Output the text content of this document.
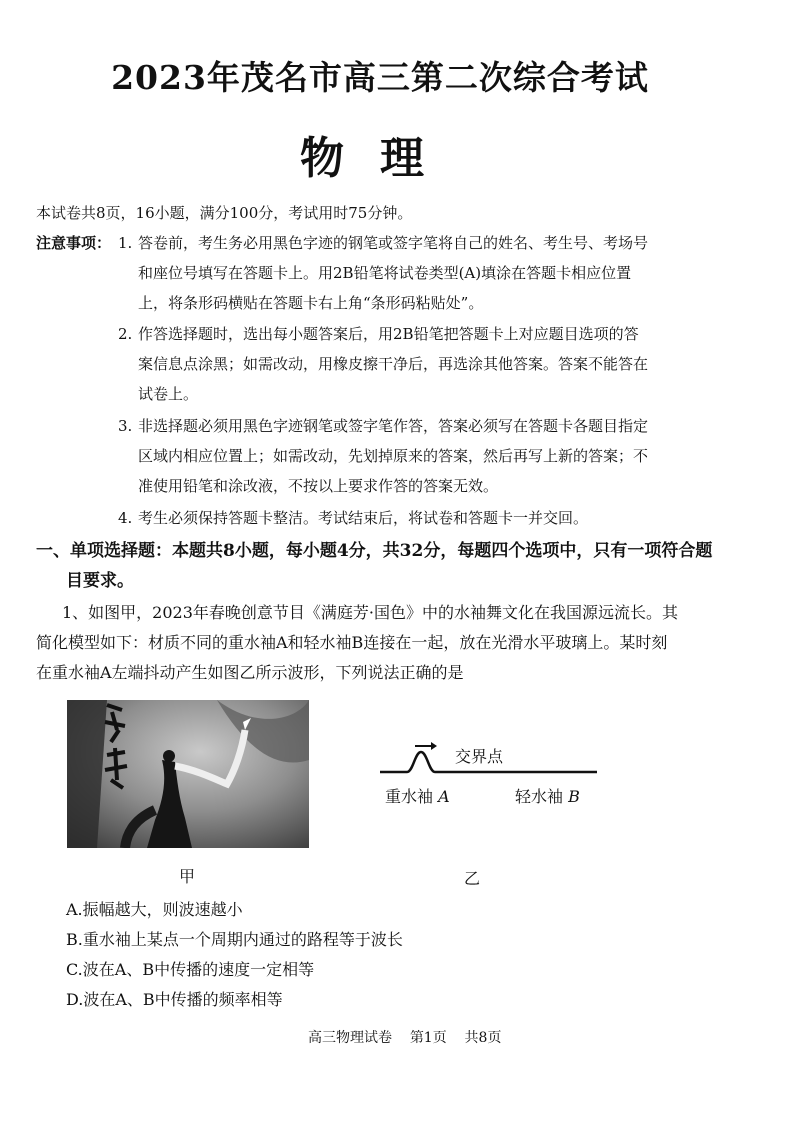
2023年茂名市高三第二次综合考试
物理
本试卷共8页，16小题，满分100分，考试用时75分钟。
注意事项： 1. 答卷前，考生务必用黑色字迹的钢笔或签字笔将自己的姓名、考生号、考场号
和座位号填写在答题卡上。用2B铅笔将试卷类型(A)填涂在答题卡相应位置
上，将条形码横贴在答题卡右上角“条形码粘贴处”。
2. 作答选择题时，选出每小题答案后，用2B铅笔把答题卡上对应题目选项的答
案信息点涂黑；如需改动，用橡皮擦干净后，再选涂其他答案。答案不能答在
试卷上。
3. 非选择题必须用黑色字迹钢笔或签字笔作答，答案必须写在答题卡各题目指定
区域内相应位置上；如需改动，先划掉原来的答案，然后再写上新的答案；不
准使用铅笔和涂改液，不按以上要求作答的答案无效。
4. 考生必须保持答题卡整洁。考试结束后，将试卷和答题卡一并交回。
一、单项选择题：本题共8小题，每小题4分，共32分，每题四个选项中，只有一项符合题
目要求。
1、如图甲，2023年春晚创意节目《满庭芳·国色》中的水袖舞文化在我国源远流长。其
简化模型如下：材质不同的重水袖A和轻水袖B连接在一起，放在光滑水平玻璃上。某时刻
在重水袖A左端抖动产生如图乙所示波形，下列说法正确的是
甲
交界点
重水袖 A	轻水袖 B
乙
A.振幅越大，则波速越小
B.重水袖上某点一个周期内通过的路程等于波长
C.波在A、B中传播的速度一定相等
D.波在A、B中传播的频率相等
高三物理试卷 第1页 共8页
